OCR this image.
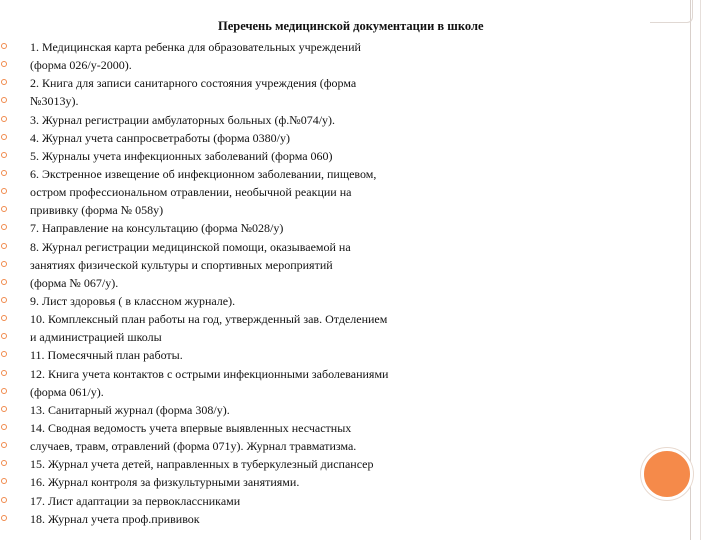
Перечень медицинской документации в школе
1. Медицинская карта ребенка для образовательных учреждений
(форма 026/у-2000).
2. Книга для записи санитарного состояния учреждения (форма
№3013у).
3. Журнал регистрации амбулаторных больных (ф.№074/у).
4. Журнал учета санпросветработы (форма 0380/у)
5. Журналы учета инфекционных заболеваний (форма 060)
6. Экстренное извещение об инфекционном заболевании, пищевом,
остром профессиональном отравлении, необычной реакции на
прививку (форма № 058у)
7. Направление на консультацию (форма №028/у)
8. Журнал регистрации медицинской помощи, оказываемой на
занятиях физической культуры и спортивных мероприятий
(форма № 067/у).
9. Лист здоровья ( в классном журнале).
10. Комплексный план работы на год, утвержденный зав. Отделением
и администрацией школы
11. Помесячный план работы.
12. Книга учета контактов с острыми инфекционными заболеваниями
(форма 061/у).
13. Санитарный журнал (форма 308/у).
14. Сводная ведомость учета впервые выявленных несчастных
случаев, травм, отравлений (форма 071у). Журнал травматизма.
15. Журнал учета детей, направленных в туберкулезный диспансер
16. Журнал контроля за физкультурными занятиями.
17. Лист адаптации за первоклассниками
18. Журнал учета проф.прививок
